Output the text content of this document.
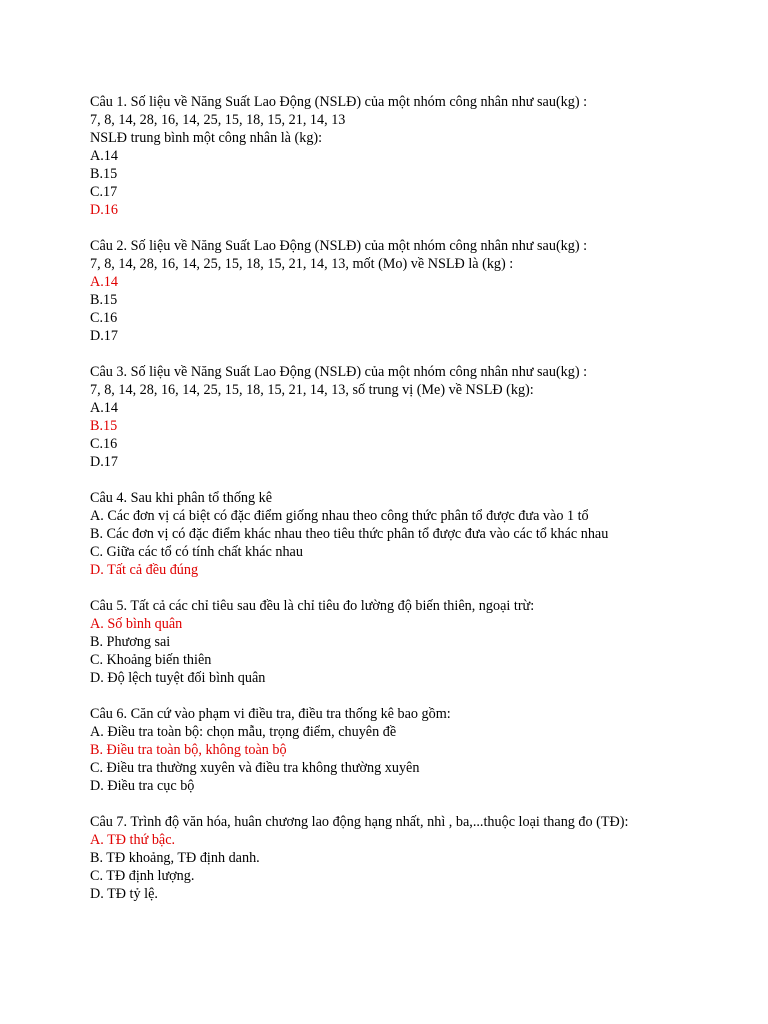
Câu 1. Số liệu về Năng Suất Lao Động (NSLĐ) của một nhóm công nhân như sau(kg) :
7, 8, 14, 28, 16, 14, 25, 15, 18, 15, 21, 14, 13
NSLĐ trung bình một công nhân là (kg):
A.14
B.15
C.17
D.16
Câu 2. Số liệu về Năng Suất Lao Động (NSLĐ) của một nhóm công nhân như sau(kg) :
7, 8, 14, 28, 16, 14, 25, 15, 18, 15, 21, 14, 13, mốt (Mo) về NSLĐ là (kg) :
A.14
B.15
C.16
D.17
Câu 3. Số liệu về Năng Suất Lao Động (NSLĐ) của một nhóm công nhân như sau(kg) :
7, 8, 14, 28, 16, 14, 25, 15, 18, 15, 21, 14, 13, số trung vị (Me) về NSLĐ (kg):
A.14
B.15
C.16
D.17
Câu 4. Sau khi phân tổ thống kê
A. Các đơn vị cá biệt có đặc điểm giống nhau theo công thức phân tổ được đưa vào 1 tổ
B. Các đơn vị có đặc điểm khác nhau theo tiêu thức phân tổ được đưa vào các tổ khác nhau
C. Giữa các tổ có tính chất khác nhau
D. Tất cả đều đúng
Câu 5. Tất cả các chỉ tiêu sau đều là chỉ tiêu đo lường độ biến thiên, ngoại trừ:
A. Số bình quân
B. Phương sai
C. Khoảng biến thiên
D. Độ lệch tuyệt đối bình quân
Câu 6. Căn cứ vào phạm vi điều tra, điều tra thống kê bao gồm:
A. Điều tra toàn bộ: chọn mẫu, trọng điểm, chuyên đề
B. Điều tra toàn bộ, không toàn bộ
C. Điều tra thường xuyên và điều tra không thường xuyên
D. Điều tra cục bộ
Câu 7. Trình độ văn hóa, huân chương lao động hạng nhất, nhì , ba,...thuộc loại thang đo (TĐ):
A. TĐ thứ bậc.
B. TĐ khoảng, TĐ định danh.
C. TĐ định lượng.
D. TĐ tỷ lệ.
